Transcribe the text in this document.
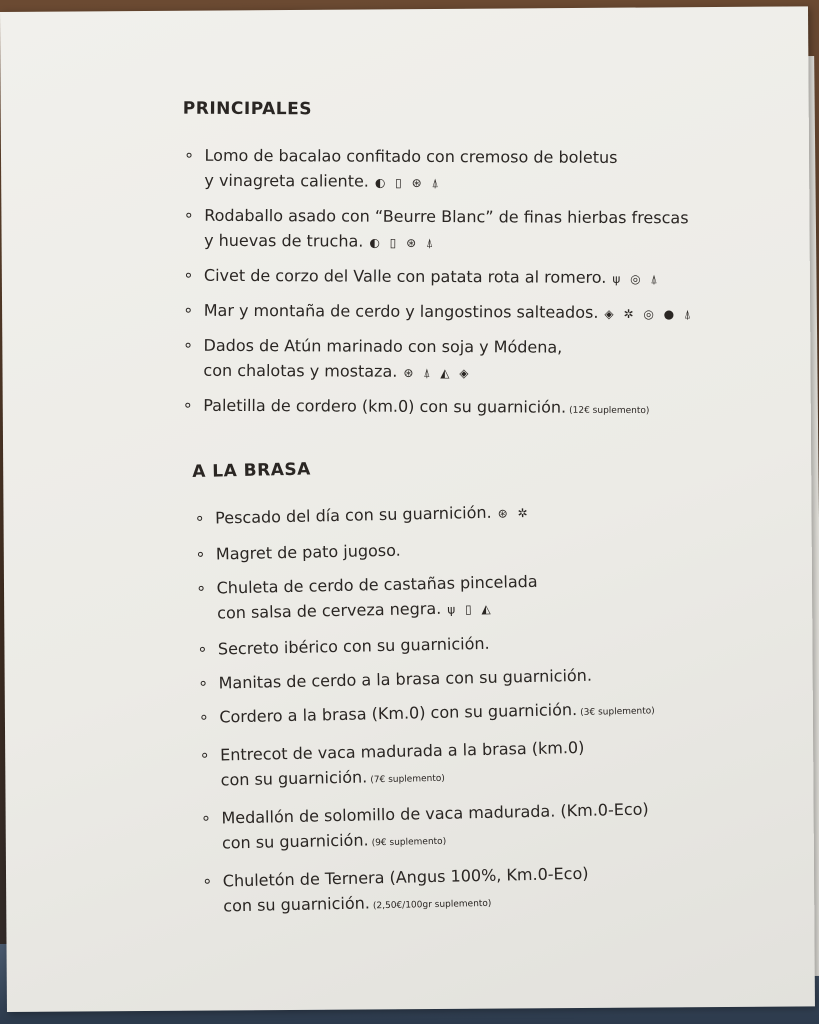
PRINCIPALES
Lomo de bacalao confitado con cremoso de boletus
y vinagreta caliente. ◐ ▯ ⊛ ⍋
Rodaballo asado con “Beurre Blanc” de finas hierbas frescas
y huevas de trucha. ◐ ▯ ⊛ ⍋
Civet de corzo del Valle con patata rota al romero. ψ ◎ ⍋
Mar y montaña de cerdo y langostinos salteados. ◈ ✲ ◎ ● ⍋
Dados de Atún marinado con soja y Módena,
con chalotas y mostaza. ⊛ ⍋ ◭ ◈
Paletilla de cordero (km.0) con su guarnición. (12€ suplemento)
A LA BRASA
Pescado del día con su guarnición. ⊛ ✲
Magret de pato jugoso.
Chuleta de cerdo de castañas pincelada
con salsa de cerveza negra. ψ ▯ ◭
Secreto ibérico con su guarnición.
Manitas de cerdo a la brasa con su guarnición.
Cordero a la brasa (Km.0) con su guarnición. (3€ suplemento)
Entrecot de vaca madurada a la brasa (km.0)
con su guarnición. (7€ suplemento)
Medallón de solomillo de vaca madurada. (Km.0-Eco)
con su guarnición. (9€ suplemento)
Chuletón de Ternera (Angus 100%, Km.0-Eco)
con su guarnición. (2,50€/100gr suplemento)
